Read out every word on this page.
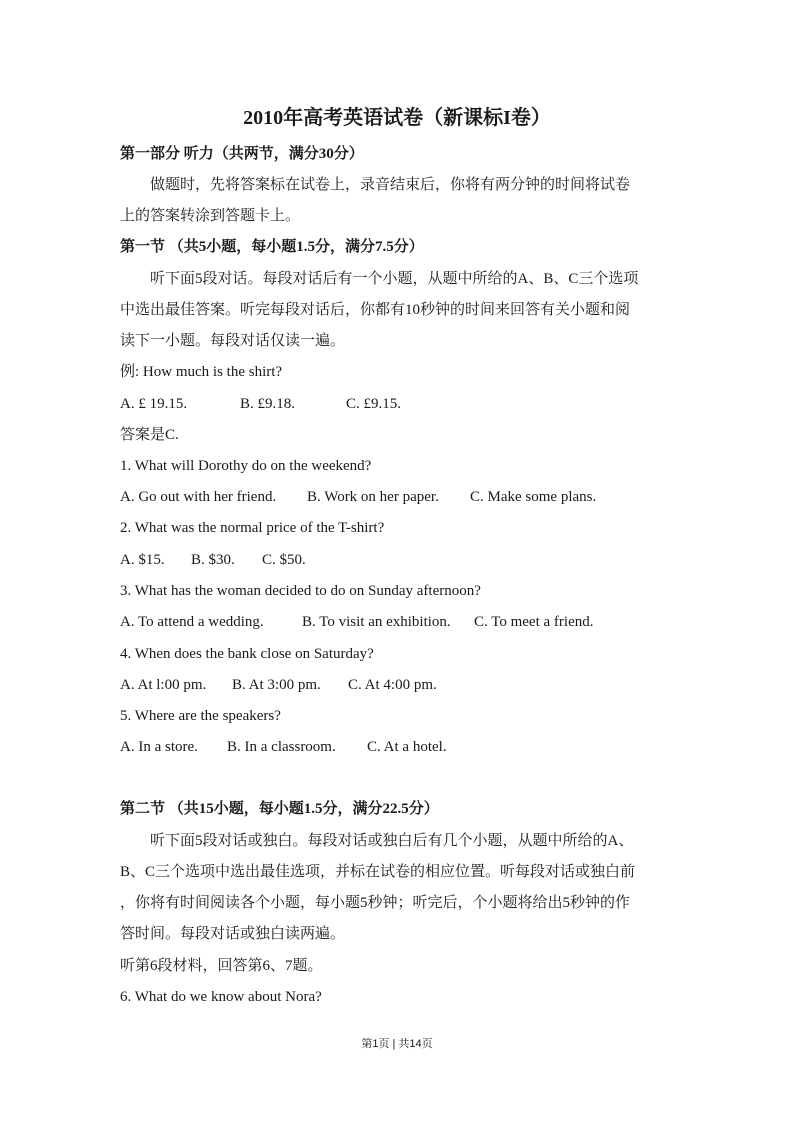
2010年高考英语试卷（新课标I卷）
第一部分 听力（共两节，满分30分）
做题时，先将答案标在试卷上，录音结束后，你将有两分钟的时间将试卷
上的答案转涂到答题卡上。
第一节 （共5小题，每小题1.5分，满分7.5分）
听下面5段对话。每段对话后有一个小题，从题中所给的A、B、C三个选项
中选出最佳答案。听完每段对话后，你都有10秒钟的时间来回答有关小题和阅
读下一小题。每段对话仅读一遍。
例: How much is the shirt?
A. £ 19.15.	B. £9.18.	C. £9.15.
答案是C.
1. What will Dorothy do on the weekend?
A. Go out with her friend. B. Work on her paper. C. Make some plans.
2. What was the normal price of the T-shirt?
A. $15. B. $30. C. $50.
3. What has the woman decided to do on Sunday afternoon?
A. To attend a wedding.	B. To visit an exhibition. C. To meet a friend.
4. When does the bank close on Saturday?
A. At l:00 pm. B. At 3:00 pm. C. At 4:00 pm.
5. Where are the speakers?
A. In a store. B. In a classroom. C. At a hotel.
第二节 （共15小题，每小题1.5分，满分22.5分）
听下面5段对话或独白。每段对话或独白后有几个小题，从题中所给的A、
B、C三个选项中选出最佳选项，并标在试卷的相应位置。听每段对话或独白前
，你将有时间阅读各个小题，每小题5秒钟；听完后，个小题将给出5秒钟的作
答时间。每段对话或独白读两遍。
听第6段材料，回答第6、7题。
6. What do we know about Nora?
第1页 | 共14页
